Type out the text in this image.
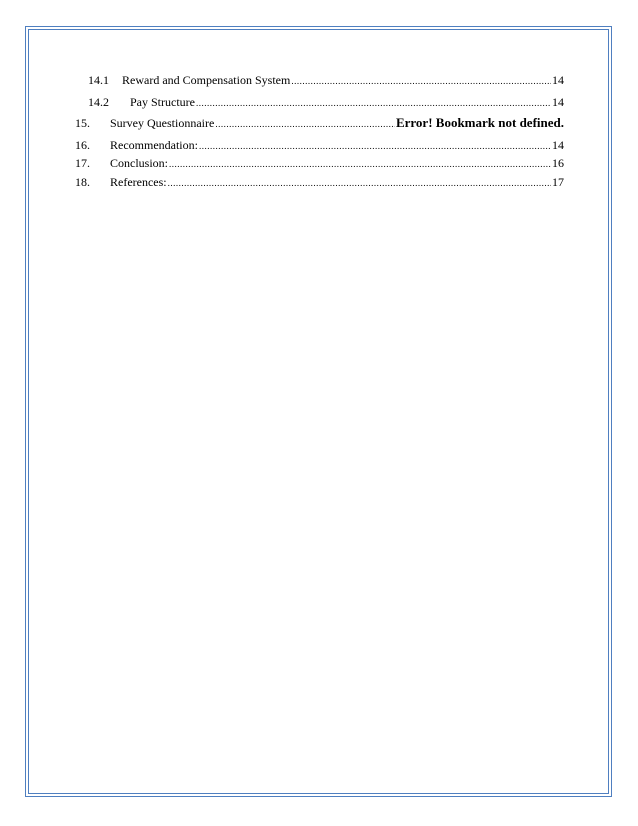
14.1	Reward and Compensation System .....	14
14.2	Pay Structure .....	14
15.	Survey Questionnaire .....	Error! Bookmark not defined.
16.	Recommendation: .....	14
17.	Conclusion: .....	16
18.	References: .....	17
